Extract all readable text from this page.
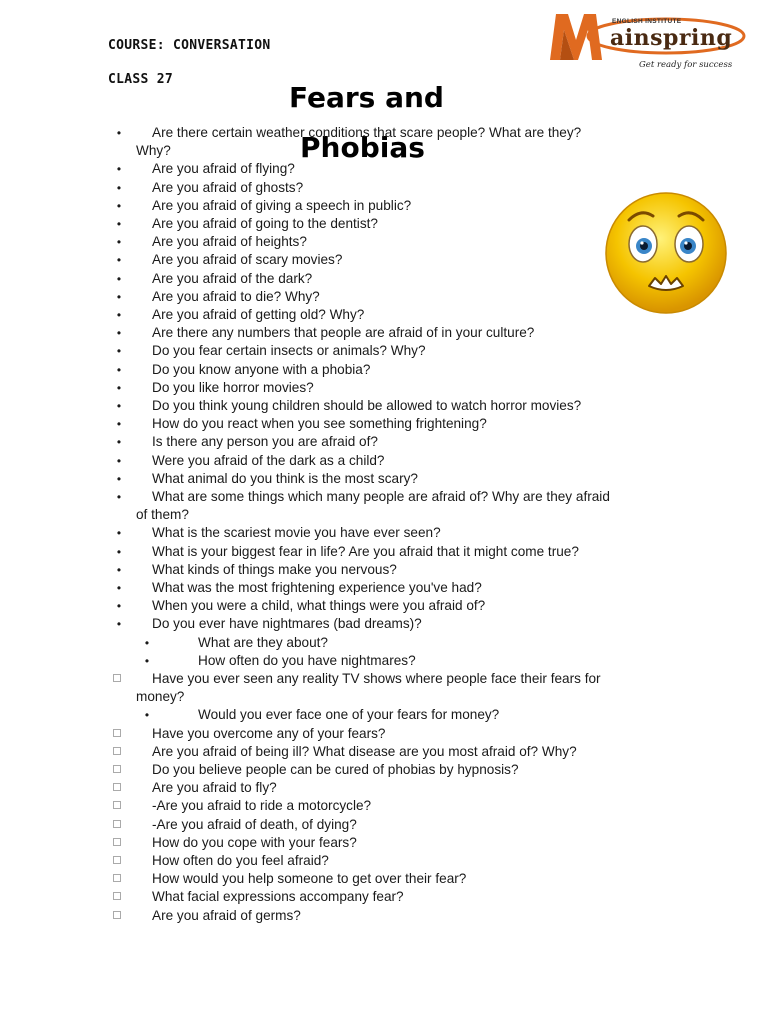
COURSE: CONVERSATION
CLASS 27
Fears and
Phobias
ENGLISH INSTITUTE
ainspring
Get ready for success
•	Are there certain weather conditions that scare people? What are they?
Why?
•	Are you afraid of flying?
•	Are you afraid of ghosts?
•	Are you afraid of giving a speech in public?
•	Are you afraid of going to the dentist?
•	Are you afraid of heights?
•	Are you afraid of scary movies?
•	Are you afraid of the dark?
•	Are you afraid to die? Why?
•	Are you afraid of getting old? Why?
•	Are there any numbers that people are afraid of in your culture?
•	Do you fear certain insects or animals? Why?
•	Do you know anyone with a phobia?
•	Do you like horror movies?
•	Do you think young children should be allowed to watch horror movies?
•	How do you react when you see something frightening?
•	Is there any person you are afraid of?
•	Were you afraid of the dark as a child?
•	What animal do you think is the most scary?
•	What are some things which many people are afraid of? Why are they afraid
of them?
•	What is the scariest movie you have ever seen?
•	What is your biggest fear in life? Are you afraid that it might come true?
•	What kinds of things make you nervous?
•	What was the most frightening experience you've had?
•	When you were a child, what things were you afraid of?
•	Do you ever have nightmares (bad dreams)?
•	What are they about?
•	How often do you have nightmares?
Have you ever seen any reality TV shows where people face their fears for
money?
•	Would you ever face one of your fears for money?
Have you overcome any of your fears?
Are you afraid of being ill? What disease are you most afraid of? Why?
Do you believe people can be cured of phobias by hypnosis?
Are you afraid to fly?
-Are you afraid to ride a motorcycle?
-Are you afraid of death, of dying?
How do you cope with your fears?
How often do you feel afraid?
How would you help someone to get over their fear?
What facial expressions accompany fear?
Are you afraid of germs?
